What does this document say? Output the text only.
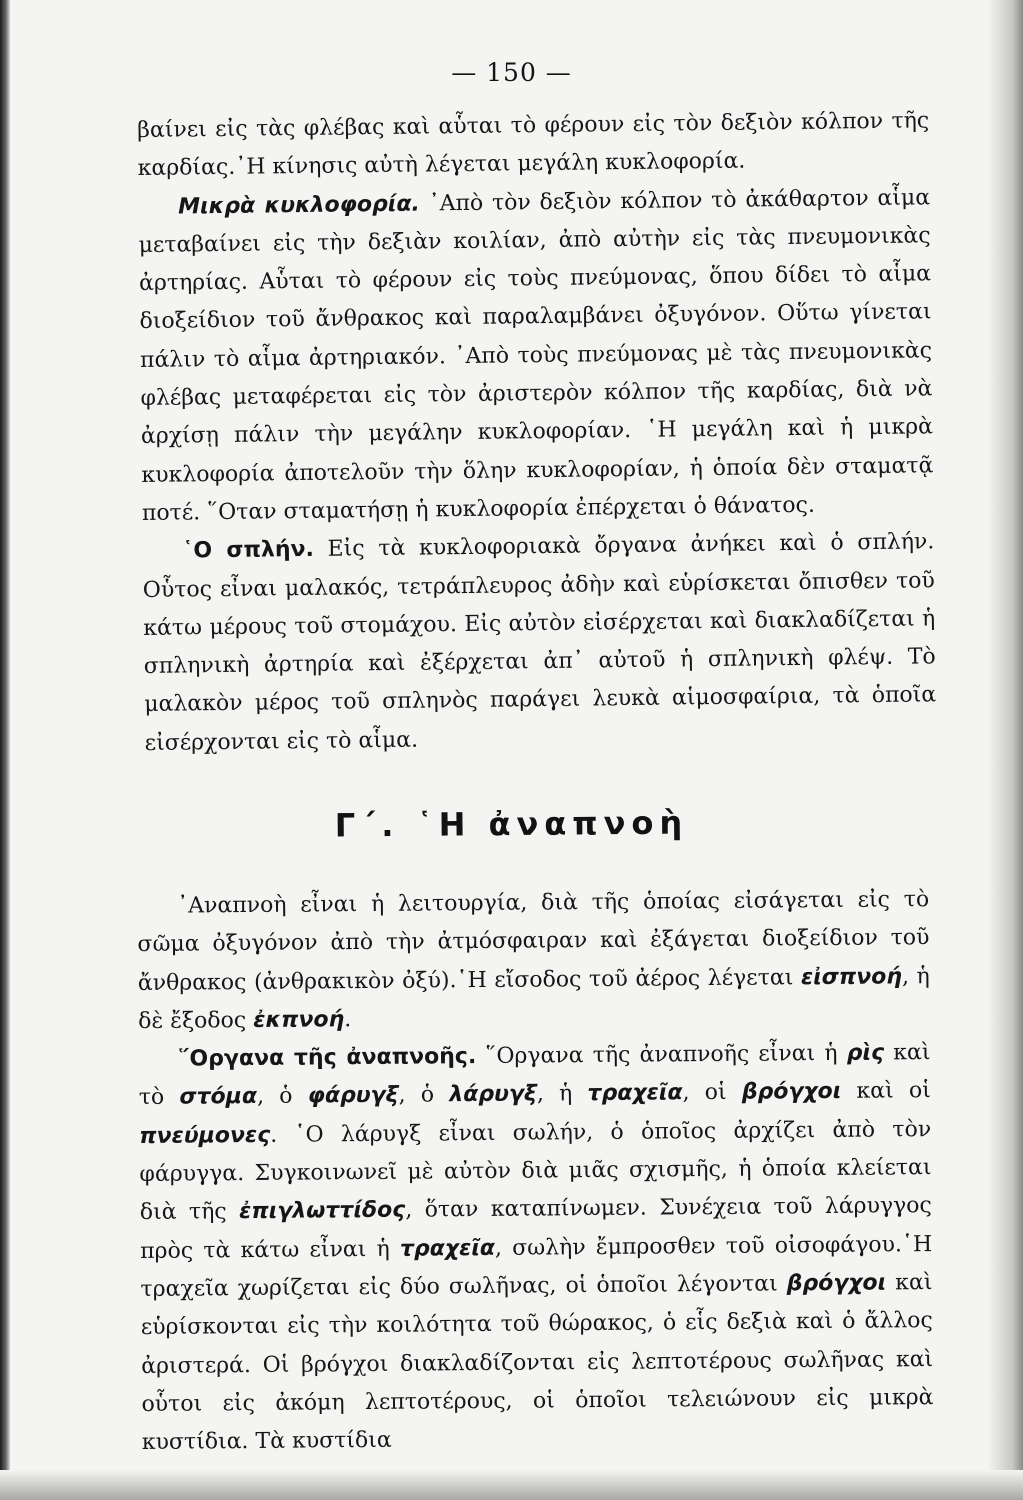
— 150 —

βαίνει εἰς τὰς φλέβας καὶ αὗται τὸ φέρουν εἰς τὸν δεξιὸν κόλπον τῆς καρδίας.᾿Η κίνησις αὐτὴ λέγεται μεγάλη κυκλοφορία.

Μικρὰ κυκλοφορία. ᾿Απὸ τὸν δεξιὸν κόλπον τὸ ἀκάθαρτον αἷμα μεταβαίνει εἰς τὴν δεξιὰν κοιλίαν, ἀπὸ αὐτὴν εἰς τὰς πνευμονικὰς ἀρτηρίας. Αὗται τὸ φέρουν εἰς τοὺς πνεύμονας, ὅπου δίδει τὸ αἷμα διοξείδιον τοῦ ἄνθρακος καὶ παραλαμβάνει ὀξυγόνον. Οὕτω γίνεται πάλιν τὸ αἷμα ἀρτηριακόν. ᾿Απὸ τοὺς πνεύμονας μὲ τὰς πνευμονικὰς φλέβας μεταφέρεται εἰς τὸν ἀριστερὸν κόλπον τῆς καρδίας, διὰ νὰ ἀρχίσῃ πάλιν τὴν μεγάλην κυκλοφορίαν. ῾Η μεγάλη καὶ ἡ μικρὰ κυκλοφορία ἀποτελοῦν τὴν ὅλην κυκλοφορίαν, ἡ ὁποία δὲν σταματᾷ ποτέ. ῞Οταν σταματήσῃ ἡ κυκλοφορία ἐπέρχεται ὁ θάνατος.

῾Ο σπλήν. Εἰς τὰ κυκλοφοριακὰ ὄργανα ἀνήκει καὶ ὁ σπλήν. Οὗτος εἶναι μαλακός, τετράπλευρος ἀδὴν καὶ εὑρίσκεται ὄπισθεν τοῦ κάτω μέρους τοῦ στομάχου. Εἰς αὐτὸν εἰσέρχεται καὶ διακλαδίζεται ἡ σπληνικὴ ἀρτηρία καὶ ἐξέρχεται ἀπ᾿ αὐτοῦ ἡ σπληνικὴ φλέψ. Τὸ μαλακὸν μέρος τοῦ σπληνὸς παράγει λευκὰ αἱμοσφαίρια, τὰ ὁποῖα εἰσέρχονται εἰς τὸ αἷμα.

Γ΄. ῾Η ἀναπνοὴ

᾿Αναπνοὴ εἶναι ἡ λειτουργία, διὰ τῆς ὁποίας εἰσάγεται εἰς τὸ σῶμα ὀξυγόνον ἀπὸ τὴν ἀτμόσφαιραν καὶ ἐξάγεται διοξείδιον τοῦ ἄνθρακος (ἀνθρακικὸν ὀξύ).῾Η εἴσοδος τοῦ ἀέρος λέγεται εἰσπνοή, ἡ δὲ ἔξοδος ἐκπνοή.

῞Οργανα τῆς ἀναπνοῆς. ῞Οργανα τῆς ἀναπνοῆς εἶναι ἡ ρὶς καὶ τὸ στόμα, ὁ φάρυγξ, ὁ λάρυγξ, ἡ τραχεῖα, οἱ βρόγχοι καὶ οἱ πνεύμονες. ῾Ο λάρυγξ εἶναι σωλήν, ὁ ὁποῖος ἀρχίζει ἀπὸ τὸν φάρυγγα. Συγκοινωνεῖ μὲ αὐτὸν διὰ μιᾶς σχισμῆς, ἡ ὁποία κλείεται διὰ τῆς ἐπιγλωττίδος, ὅταν καταπίνωμεν. Συνέχεια τοῦ λάρυγγος πρὸς τὰ κάτω εἶναι ἡ τραχεῖα, σωλὴν ἔμπροσθεν τοῦ οἰσοφάγου.῾Η τραχεῖα χωρίζεται εἰς δύο σωλῆνας, οἱ ὁποῖοι λέγονται βρόγχοι καὶ εὑρίσκονται εἰς τὴν κοιλότητα τοῦ θώρακος, ὁ εἷς δεξιὰ καὶ ὁ ἄλλος ἀριστερά. Οἱ βρόγχοι διακλαδίζονται εἰς λεπτοτέρους σωλῆνας καὶ οὗτοι εἰς ἀκόμη λεπτοτέρους, οἱ ὁποῖοι τελειώνουν εἰς μικρὰ κυστίδια. Τὰ κυστίδια
